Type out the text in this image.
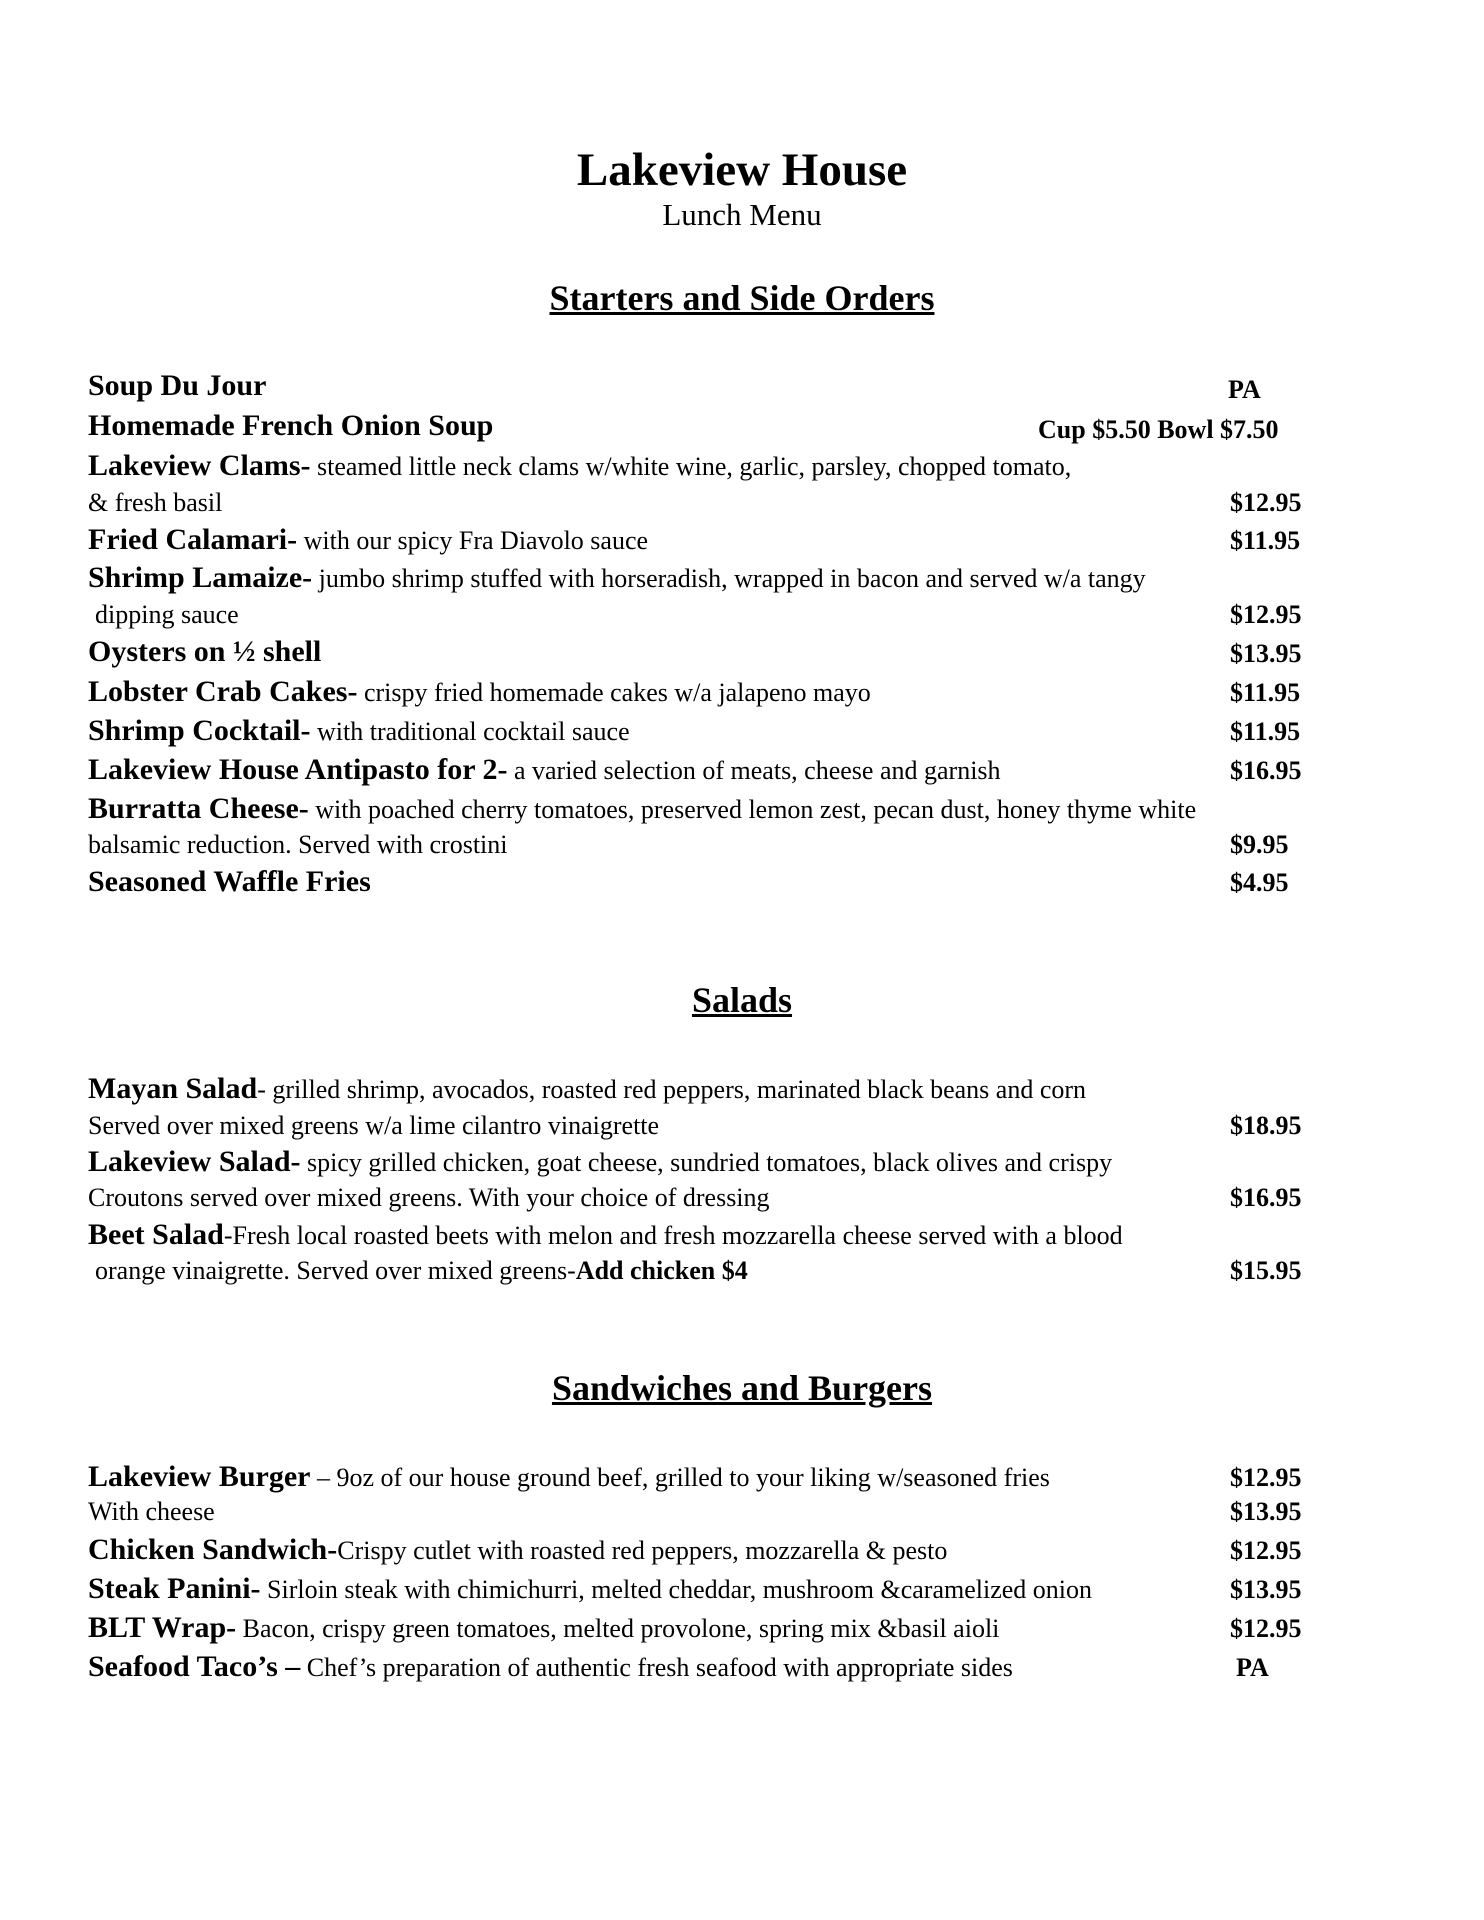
Lakeview House
Lunch Menu
Starters and Side Orders
Soup Du Jour	PA
Homemade French Onion Soup	Cup $5.50 Bowl $7.50
Lakeview Clams- steamed little neck clams w/white wine, garlic, parsley, chopped tomato,
& fresh basil	$12.95
Fried Calamari- with our spicy Fra Diavolo sauce	$11.95
Shrimp Lamaize- jumbo shrimp stuffed with horseradish, wrapped in bacon and served w/a tangy
dipping sauce	$12.95
Oysters on ½ shell	$13.95
Lobster Crab Cakes- crispy fried homemade cakes w/a jalapeno mayo	$11.95
Shrimp Cocktail- with traditional cocktail sauce	$11.95
Lakeview House Antipasto for 2- a varied selection of meats, cheese and garnish	$16.95
Burratta Cheese- with poached cherry tomatoes, preserved lemon zest, pecan dust, honey thyme white
balsamic reduction. Served with crostini	$9.95
Seasoned Waffle Fries	$4.95
Salads
Mayan Salad- grilled shrimp, avocados, roasted red peppers, marinated black beans and corn
Served over mixed greens w/a lime cilantro vinaigrette	$18.95
Lakeview Salad- spicy grilled chicken, goat cheese, sundried tomatoes, black olives and crispy
Croutons served over mixed greens. With your choice of dressing	$16.95
Beet Salad-Fresh local roasted beets with melon and fresh mozzarella cheese served with a blood
orange vinaigrette. Served over mixed greens-Add chicken $4	$15.95
Sandwiches and Burgers
Lakeview Burger – 9oz of our house ground beef, grilled to your liking w/seasoned fries	$12.95
With cheese	$13.95
Chicken Sandwich-Crispy cutlet with roasted red peppers, mozzarella & pesto	$12.95
Steak Panini- Sirloin steak with chimichurri, melted cheddar, mushroom &caramelized onion	$13.95
BLT Wrap- Bacon, crispy green tomatoes, melted provolone, spring mix &basil aioli	$12.95
Seafood Taco’s – Chef’s preparation of authentic fresh seafood with appropriate sides	PA
